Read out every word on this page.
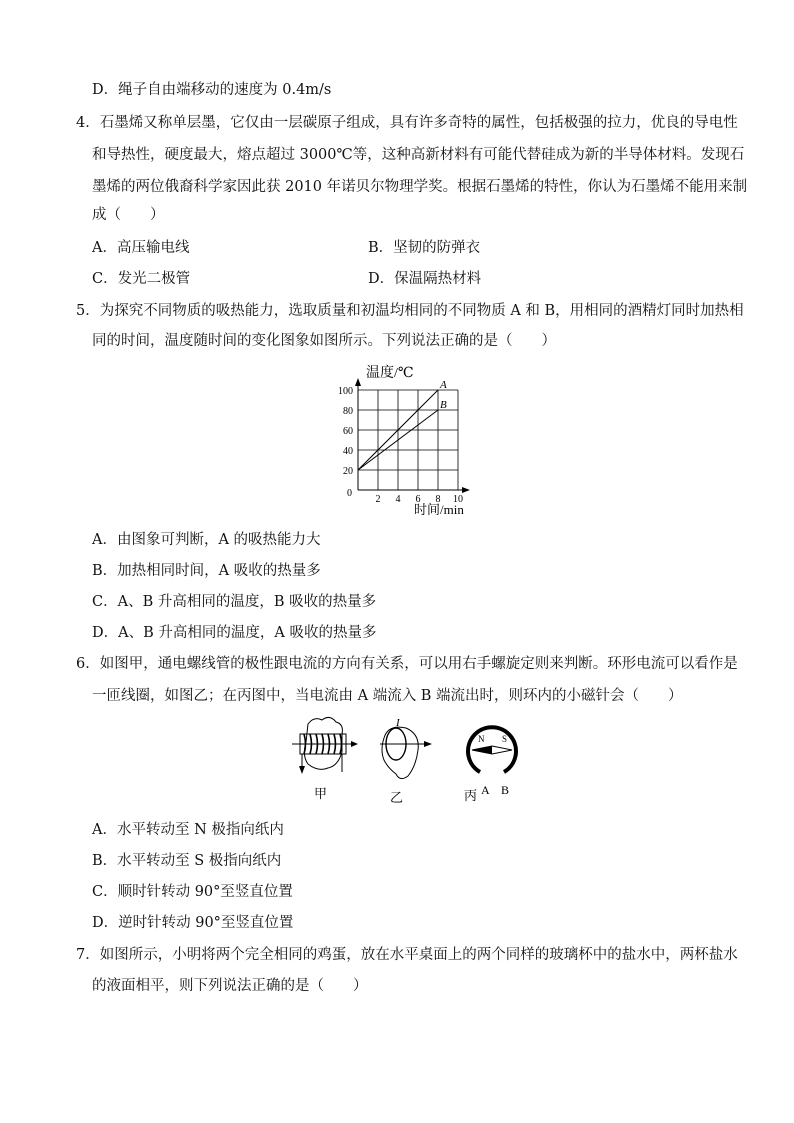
D．绳子自由端移动的速度为 0.4m/s
4．石墨烯又称单层墨，它仅由一层碳原子组成，具有许多奇特的属性，包括极强的拉力，优良的导电性
和导热性，硬度最大，熔点超过 3000℃等，这种高新材料有可能代替硅成为新的半导体材料。发现石
墨烯的两位俄裔科学家因此获 2010 年诺贝尔物理学奖。根据石墨烯的特性，你认为石墨烯不能用来制
成（　　）
A．高压输电线	B．坚韧的防弹衣
C．发光二极管	D．保温隔热材料
5．为探究不同物质的吸热能力，选取质量和初温均相同的不同物质 A 和 B，用相同的酒精灯同时加热相
同的时间，温度随时间的变化图象如图所示。下列说法正确的是（　　）
温度/℃
0
20
40
60
80
100
2 4 6 8 10
A
B
时间/min
A．由图象可判断，A 的吸热能力大
B．加热相同时间，A 吸收的热量多
C．A、B 升高相同的温度，B 吸收的热量多
D．A、B 升高相同的温度，A 吸收的热量多
6．如图甲，通电螺线管的极性跟电流的方向有关系，可以用右手螺旋定则来判断。环形电流可以看作是
一匝线圈，如图乙；在丙图中，当电流由 A 端流入 B 端流出时，则环内的小磁针会（　　）
甲
I
乙
N S
丙 A B
A．水平转动至 N 极指向纸内
B．水平转动至 S 极指向纸内
C．顺时针转动 90°至竖直位置
D．逆时针转动 90°至竖直位置
7．如图所示，小明将两个完全相同的鸡蛋，放在水平桌面上的两个同样的玻璃杯中的盐水中，两杯盐水
的液面相平，则下列说法正确的是（　　）
